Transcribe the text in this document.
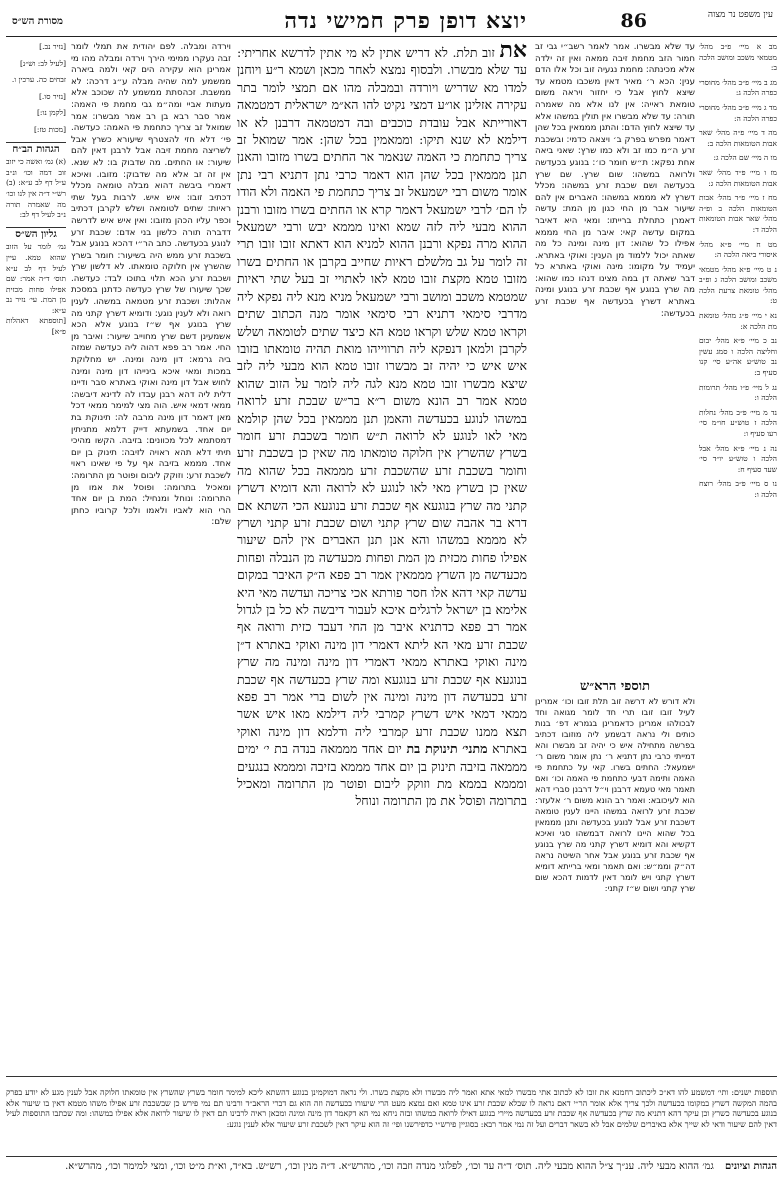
עין משפט נר מצוה
86
יוצא דופן פרק חמישי נדה
מסורת הש״ס

מב א מיי׳ פ״ב מהל׳ מטמאי משכב ומושב הלכה ב:

מג ב מיי׳ פ״ב מהל׳ מחוסרי כפרה הלכה ג:

מד ג מיי׳ פ״ב מהל׳ מחוסרי כפרה הלכה ה:

מה ד מיי׳ פ״ה מהל׳ שאר אבות הטומאות הלכה ב:

מו ה מיי׳ שם הלכה ג:

מז ו מיי׳ פ״ד מהל׳ שאר אבות הטומאות הלכה ג:

מח ז מיי׳ פ״ד מהל׳ אבות הטומאות הלכה ב ופ״ה מהל׳ שאר אבות הטומאות הלכה ד:

מט ח מיי׳ פ״א מהל׳ איסורי ביאה הלכה ה:

נ ט מיי׳ פ״א מהל׳ מטמאי משכב ומושב הלכה ג ופ״ב מהל׳ טומאת צרעת הלכה ט:

נא י מיי׳ פ״ג מהל׳ טומאת מת הלכה א:

נב כ מיי׳ פ״א מהל׳ יבום וחליצה הלכה ו סמג עשין נב טוש״ע אה״ע סי׳ קנו סעיף ב:

נג ל מיי׳ פ״ו מהל׳ תרומות הלכה ו:

נד מ מיי׳ פ״ב מהל׳ נחלות הלכה ז טוש״ע חו״מ סי׳ רעו סעיף ו:

נה נ מיי׳ פ״א מהל׳ אבל הלכה ו טוש״ע יו״ד סי׳ שעד סעיף ח:

נו ס מיי׳ פ״ב מהל׳ רוצח הלכה ו:

עד שלא מבשרו. אמר לאמר רשב״י גבי זב חמור הזב מחמת זיבה ממאה ואין זה ילדה אלא מכינתה: מחמת נגעיה זוב וכל אלו הדם ענין: הכא ר׳ מאיר דאין משכבו מטמא עד שיצא לחוץ אבל כי יחזור ויראה משום טומאת ראייה: אין לנו אלא מה שאמרה תורה: עד שלא מבשרו אין תולין במשהו אלא עד שיצא לחוץ הדם: והתנן מממאין בכל שהן דאמר מפרש בפרק ב׳ ויצאה כדמי: ובשכבת זרע ה״מ כמו זב ולא כמו שרץ: שאני ביאה אחת נפקא: ת״ש חומר כו׳: בנוגע בכעדשה ולרואה במשהו: שום שרץ. שם שרץ בכעדשה ושם שכבת זרע במשהו: מכלל דשרץ לא מממא במשהו: האברים אין להם שיעור אבר מן החי כגון מן המת: עדשה דאמרן כתחלת ברייתו: ומאי היא דאיבר במקום עדשה קאי: איבר מן החי מממא אפילו כל שהוא: דון מינה ומינה כל מה שאתה יכול ללמוד מן הענין: ואוקי באתרא. יעמיד על מקומו: מינה ואוקי באתרא כל דבר שאתה דן במה מצינו דנהו כמו שהוא: מה שרץ בנוגע אף שכבת זרע בנוגע ומינה באתרא דשרץ בכעדשה אף שכבת זרע בכעדשה:

תוספי הרא״ש

ולא דורש לא דרשה זוב תלת זובו וכו׳ אמרינן לעיל זובו זובו תרי חד לומר מגואה וחד לבכולהו אמרינן כדאמרינן בגמרא דפ׳ בנות כותים ולי נראה דבשמע ליה מוזובו דכתיב בפרשה מתחילה איש כי יהיה זב מבשרו והא דמייתי כרבי נתן דתניא ר׳ נתן אומר משום ר׳ ישמעאל: החתים בשרו. קאי על כתחמת פי האמה ותימה דבעי כתחמת פי האמה וכו׳ ואם תאמר מאי טעמא דרבנן וי״ל דרבנן סברי דהא הוא לעיכובא: ואמר רב הונא משום ר׳ אלעזר: שכבת זרע לרואה במשהו היינו לענין טומאה דשכבת זרע אבל לנוגע בכעדשה ותנן מממאין בכל שהוא היינו לרואה דבמשהו סגי ואיכא דקשיא והא דומיא דשרץ קתני מה שרץ בנוגע אף שכבת זרע בנוגע אבל אחר השיטה נראה דה״ק וממ״ש: ואם תאמר ומאי ברייתא דומיא דשרץ קתני ויש לומר דאין לדמות דהכא שום שרץ קתני ושום ש״ז קתני:

את זוב תלת. לא דריש אתין לא מי אתין לדרשא אחריתי: עד שלא מבשרו. ולבסוף נמצא לאחר מכאן ושמא ר״ע ויוחנן למדו מא שדריש ויורדה ובמבלה מהו אם תמצי לומר בתר עקירה אזלינן או״ע דמצי נקיט להו הא״מ ישראלית דמטמאה דאורייתא אבל עובדת כוכבים ובה דמטמאה דרבנן לא או דילמא לא שנא תיקו: וממאמין בכל שהן: אמר שמואל זב צריך כתחמת כי האמה שנאמר אר החתים בשרו מזובו והאנן תנן מממאין בכל שהן הוא דאמר כרבי נתן דתניא רבי נתן אומר משום רבי ישמעאל זב צריך כתחמת פי האמה ולא הודו לו הם׳ לרבי ישמעאל דאמר קרא או החתים בשרו מזובו ורבנן ההוא מבעי ליה לזה שמא ואינו מממא יבש ורבי ישמעאל ההוא מרה נפקא ורבנן ההוא למניא הוא דאתא זובו זובו תרי זה לומר על גב מלשלם ראיות שחייב בקרבן או החתים בשרו מזובו טמא מקצת זובו טמא לאו לאתויי זב בעל שתי ראיות שמטמא משכב ומושב ורבי ישמעאל מניא מנא ליה נפקא ליה מדרבי סימאי דתניא רבי סימאי אומר מנה הכתוב שתים וקראו טמא שלש וקראו טמא הא כיצד שתים לטומאה ושלש לקרבן ולמאן דנפקא ליה תרווייהו מואת תהיה טומאתו בזובו איש איש כי יהיה זב מבשרו זובו טמא הוא מבעי ליה לזב שיצא מבשרו זובו טמא מנא לגה ליה לומר על הזוב שהוא טמא אמר רב הונא משום ר״א בר״ש שבכת זרע לרואה במשהו לנוגע בכעדשה והאמן תנן מממאין בכל שהן קולמא מאי לאו לנוגע לא לרואה ת״ש חומר בשכבת זרע חומר בשרץ שהשרץ אין חלוקה טומאתו מה שאין כן בשכבת זרע וחומר בשכבת זרע שהשכבת זרע מממאה בכל שהוא מה שאין כן בשרץ מאי לאו לנוגע לא לרואה והא דומיא דשרץ קתני מה שרץ בנוגעא אף שכבת זרע בנוגעא הכי השתא אם דרא בר אהבה שום שרץ קתני ושום שכבת זרע קתני ושרץ לא מממא במשהו והא אנן תנן האברים אין להם שיעור אפילו פחות מכזית מן המת ופחות מכעדשה מן הנבלה ופחות מכעדשה מן השרץ מממאין אמר רב פפא ה״ק האיבר במקום עדשה קאי דהא אלו חסר פורתא אכי צריכה ועדשה מאי היא אלימא בן ישראל לרגלים איכא לעבור דיבשה לא כל בן לגדול אמר רב פפא כדתניא איבר מן החי דעבד כזית ורואה אף שכבת זרע מאי הא ליתא דאמרי דון מינה ואוקי באתרא ד״ן מינה ואוקי באתרא ממאי דאמרי דון מינה ומינה מה שרץ בנוגעא אף שכבת זרע בנוגעא ומה שרץ בכעדשה אף שכבת זרע בכעדשה דון מינה ומינה אין לשום ברי אמר רב פפא ממאי דמאי איש דשרץ קמרבי ליה דילמא מאו איש אשר תצא ממנו שכבת זרע קמרבי ליה ודלמא דון מינה ואוקי באתרא מתני׳ תינוקת בת יום אחד מממאה בנדה בת י׳ ימים מממאה בזיבה תינוק בן יום אחד מממא בזיבה ומממא בנגעים ומממא בממא מת וזוקק ליבום ופוטר מן התרומה ומאכיל בתרומה ופוסל את מן התרומה ונוחל

וירדה ומבלה. לפם יהודית את תמלי לומר זבה נעקרו ממימי הירך וירדה ומבלה מהו מי אמרינן הוא עקירה הים קאי ולמה ביארה ממשמע למה שהיה מבלה ע״ג דרכה: לא ממשבת. זכהסתת ממשמע לה שכוכב אלא מעתות אביי ומה״מ גבי מחמת פי האמה: אמר סבר רבא בן רב אמר מבשרו: אמר שמואל זב צריך כתחמת פי האמה: כעדשה. פי׳ דלא חזי להצטרף שיעורא כשרץ אבל לשריצה מחמת זיבה אבל לרבנן דאין להם שיעור: או החתים. מה שדבוק בו: לא שנא. אין זה זב אלא מה שדבוק: מזובו. ואיכא דאמרי ביבשה דהוא מבלה טומאה מכלל דכתיב זובו: איש איש. לרבות בעל שתי ראיות: שתים לטומאה ושלש לקרבן דכתיב וכפר עליו הכהן מזובו: ואין איש איש לדרשה דדברה תורה כלשון בני אדם: שכבת זרע לנוגע בכעדשה. כתב הר״י דהכא בנוגע אבל בשכבת זרע ממש היה בשיעור: חומר בשרץ שהשרץ אין חלוקה טומאתו. לא דלשון שרץ ושכבת זרע הכא תלוי בתוכו לבד: כעדשה. שכך שיעורו של שרץ כעדשה כדתנן במסכת אהלות: ושכבת זרע מטמאה במשהו. לענין רואה ולא לענין נוגע: ודומיא דשרץ קתני מה שרץ בנוגע אף ש״ז בנוגע אלא הכא אשמעינן דשם שרץ מחוייב שיעור: ואיבר מן החי. אמר רב פפא דהוה ליה כעדשה שמזה ביה גרמא: דון מינה ומינה. יש מחלוקת במכות ומאי איכא בינייהו דון מינה ומינה לחוש אבל דון מינה ואוקי באתרא סבר ודיינו דלית ליה דהא רבנן עבדו לה לדינא דיבשה: ממאי דמאי איש. הוה מצי למימר ממאי דכל מאן דאמר דון מינה מרבה לה: תינוקת בת יום אחד. בשמעתא דייק דלמא מתניתין דמסתמא לכל מכוונים: בזיבה. הקשו מהיכי תיתי דלא תהא ראויה לזיבה: תינוק בן יום אחד. מממא בזיבה אף על פי שאינו ראוי לשכבת זרע: וזוקק ליבום ופוטר מן התרומה: ומאכיל בתרומה: ופוסל את אמו מן התרומה: ונוחל ומנחיל: המת בן יום אחד הרי הוא לאביו ולאמו ולכל קרוביו כחתן שלם:

[נזיר נב.]

[לעיל לב: וש״נ]

זבחים כה. ערכין ו.

[נזיר סו.]

[לקמן נו:]

[מכות טז:]

הגהות הב״ח

(א) גמ׳ ואשה כי יזוב זוב דמה וכו׳ ונ״ב ע״ל דף לב ע״א: (ב) רש״י ד״ה אין לנו וכו׳ מה שאמרה תורה נ״ב לעיל דף לב:

גליון הש״ס

גמ׳ לומר על הזוב שהוא טמא. עיין לעיל דף לב ע״א תוס׳ ד״ה אמר: שם אפילו פחות מכזית מן המת. עי׳ נזיר נב ע״א:

[תוספתא דאהלות פ״א]

תוספות ישנים: ותי׳ דמשמע להו דא״כ ליכתוב רחמנא את זובו לא לכתוב אתי מבשרו למאי אתא ואמר ליה מבשרו ולא מקצת בשרו. ולי נראה דמוקמינן בנוגע דהשתא ליכא למימר חומר בשרץ שהשרץ אין טומאתו חלוקה אבל לענין מגע לא יודע בפרק בהמה המקשה דשרץ במקומו בכעדשה ולכך צריך אלא אומר הר״י דאם נראה לו שבלא שכבת זרע אינו טמא ואם נמצא מעט הרי שיעורו בכעדשה וזה הוא גם דברי הראב״ד ורבינו תם נמי פירש כן שבשכבת זרע אפילו משהו מטמא דאין בו שיעור אלא בנוגע בכעדשה כשרץ וכן עיקר דהא דתניא מה שרץ בכעדשה אף שכבת זרע בכעדשה מיירי בנוגע דאילו לרואה במשהו ובזה ניחא נמי הא דקאמר דון מינה ומינה ומכאן ראיה לרבינו תם דאין לו שיעור לרואה אלא אפילו במשהו: ומה שכתבו התוספות לעיל דאין להם שיעור ודאי לא שייך אלא באיברים שלמים אבל לא בשאר דברים ועל זה נמי אמר רבא: בסוגיין פירש״י כדפירשנו ופי׳ זה הוא עיקר דאין לשכבת זרע שיעור אלא לענין נוגע:

הגהות וציונים גמ׳ ההוא מבעי ליה. ענ״ך צ״ל ההוא מבעי ליה. תוס׳ ד״ה עד וכו׳, לפלוגי מנדה וזבה וכו׳, מהרש״א. ד״ה מנין וכו׳, רש״ש. בא״ד, וא״ת מ״ט וכו׳, ומצי למימר וכו׳, מהרש״א.
